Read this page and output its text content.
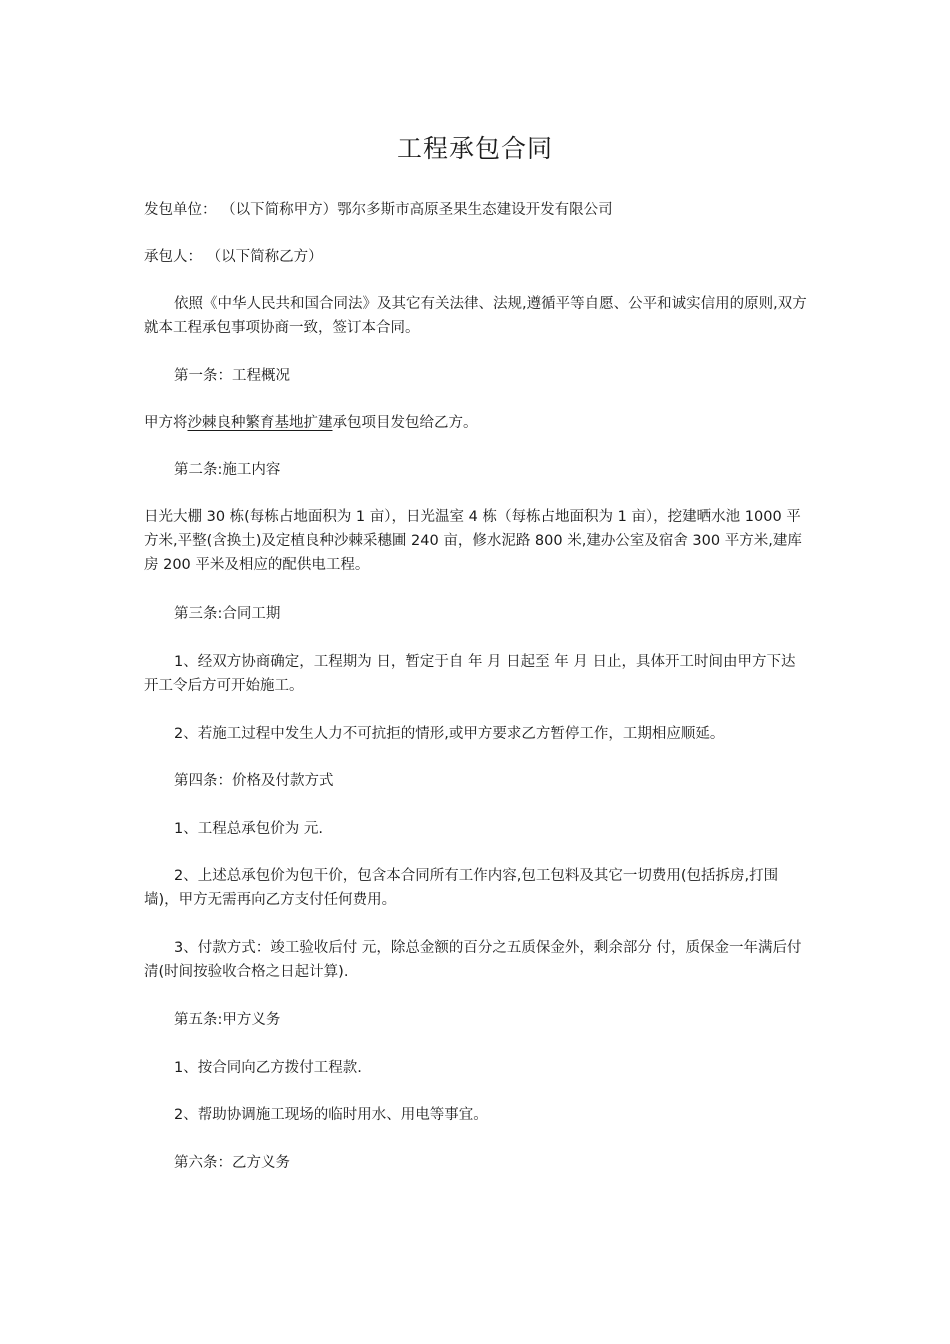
工程承包合同

发包单位： （以下简称甲方）鄂尔多斯市高原圣果生态建设开发有限公司

承包人： （以下简称乙方）

依照《中华人民共和国合同法》及其它有关法律、法规,遵循平等自愿、公平和诚实信用的原则,双方就本工程承包事项协商一致，签订本合同。

第一条：工程概况

甲方将沙棘良种繁育基地扩建承包项目发包给乙方。

第二条:施工内容

日光大棚 30 栋(每栋占地面积为 1 亩），日光温室 4 栋（每栋占地面积为 1 亩），挖建晒水池 1000 平方米,平整(含换土)及定植良种沙棘采穗圃 240 亩，修水泥路 800 米,建办公室及宿舍 300 平方米,建库房 200 平米及相应的配供电工程。

第三条:合同工期

1、经双方协商确定，工程期为 日，暂定于自 年 月 日起至 年 月 日止，具体开工时间由甲方下达开工令后方可开始施工。

2、若施工过程中发生人力不可抗拒的情形,或甲方要求乙方暂停工作，工期相应顺延。

第四条：价格及付款方式

1、工程总承包价为 元.

2、上述总承包价为包干价，包含本合同所有工作内容,包工包料及其它一切费用(包括拆房,打围墙)，甲方无需再向乙方支付任何费用。

3、付款方式：竣工验收后付 元，除总金额的百分之五质保金外，剩余部分 付，质保金一年满后付清(时间按验收合格之日起计算).

第五条:甲方义务

1、按合同向乙方拨付工程款.

2、帮助协调施工现场的临时用水、用电等事宜。

第六条：乙方义务
